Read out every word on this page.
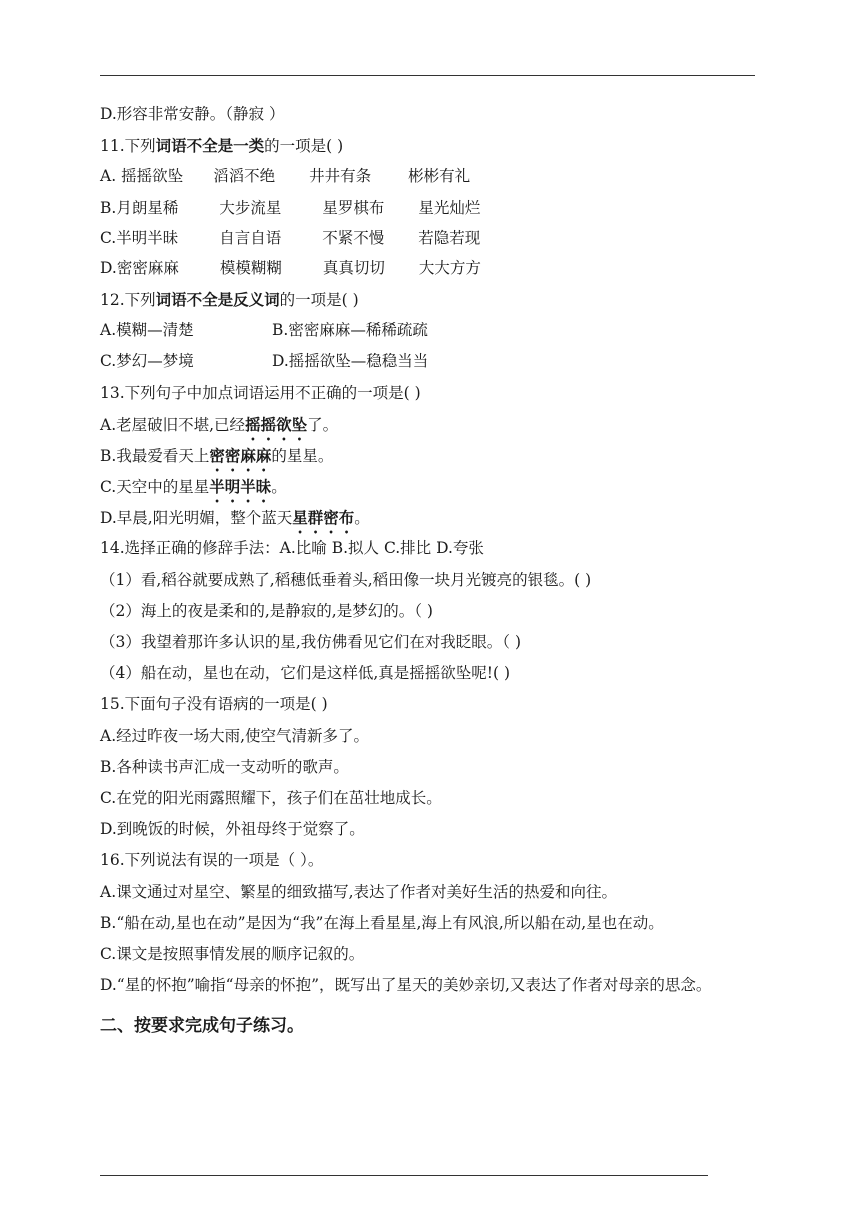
D.形容非常安静。（静寂 ）
11.下列词语不全是一类的一项是( )
A. 摇摇欲坠 滔滔不绝 井井有条 彬彬有礼
B.月朗星稀	大步流星	星罗棋布 星光灿烂
C.半明半昧	自言自语	不紧不慢 若隐若现
D.密密麻麻	模模糊糊	真真切切 大大方方
12.下列词语不全是反义词的一项是( )
A.模糊—清楚	B.密密麻麻—稀稀疏疏
C.梦幻—梦境	D.摇摇欲坠—稳稳当当
13.下列句子中加点词语运用不正确的一项是( )
A.老屋破旧不堪,已经摇摇欲坠了。
B.我最爱看天上密密麻麻的星星。
C.天空中的星星半明半昧。
D.早晨,阳光明媚，整个蓝天星群密布。
14.选择正确的修辞手法：A.比喻 B.拟人 C.排比 D.夸张
（1）看,稻谷就要成熟了,稻穗低垂着头,稻田像一块月光镀亮的银毯。( )
（2）海上的夜是柔和的,是静寂的,是梦幻的。（ )
（3）我望着那许多认识的星,我仿佛看见它们在对我眨眼。（ )
（4）船在动，星也在动，它们是这样低,真是摇摇欲坠呢!( )
15.下面句子没有语病的一项是( )
A.经过昨夜一场大雨,使空气清新多了。
B.各种读书声汇成一支动听的歌声。
C.在党的阳光雨露照耀下，孩子们在茁壮地成长。
D.到晚饭的时候，外祖母终于觉察了。
16.下列说法有误的一项是（ ）。
A.课文通过对星空、繁星的细致描写,表达了作者对美好生活的热爱和向往。
B.“船在动,星也在动”是因为“我”在海上看星星,海上有风浪,所以船在动,星也在动。
C.课文是按照事情发展的顺序记叙的。
D.“星的怀抱”喻指“母亲的怀抱”，既写出了星天的美妙亲切,又表达了作者对母亲的思念。
二、按要求完成句子练习。
